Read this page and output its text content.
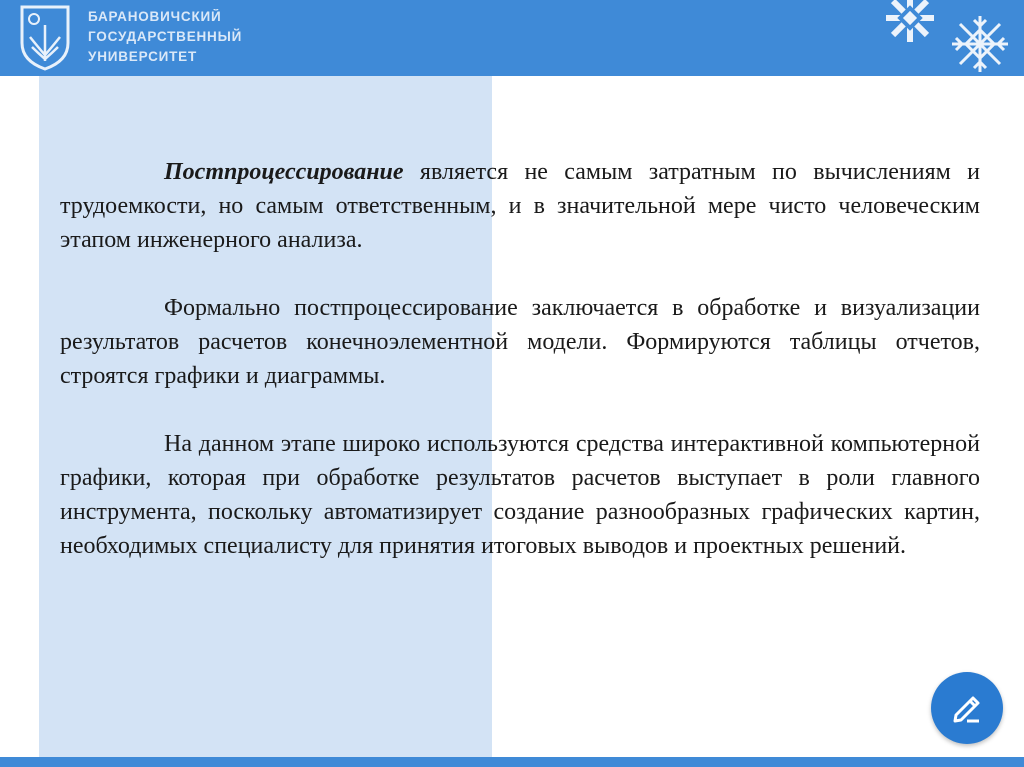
БАРАНОВИЧСКИЙ
ГОСУДАРСТВЕННЫЙ
УНИВЕРСИТЕТ

Постпроцессирование является не самым затратным по вычислениям и трудоемкости, но самым ответственным, и в значительной мере чисто человеческим этапом инженерного анализа.

Формально постпроцессирование заключается в обработке и визуализации результатов расчетов конечноэлементной модели. Формируются таблицы отчетов, строятся графики и диаграммы.

На данном этапе широко используются средства интерактивной компьютерной графики, которая при обработке результатов расчетов выступает в роли главного инструмента, поскольку автоматизирует создание разнообразных графических картин, необходимых специалисту для принятия итоговых выводов и проектных решений.
